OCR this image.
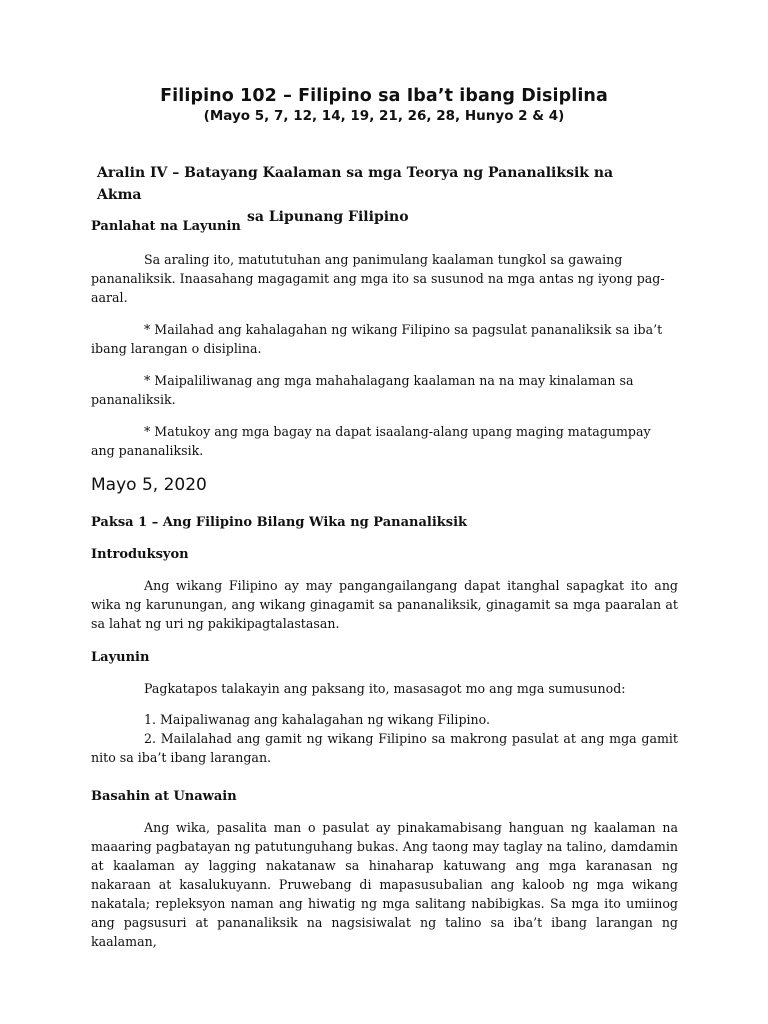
Filipino 102 – Filipino sa Iba’t ibang Disiplina
(Mayo 5, 7, 12, 14, 19, 21, 26, 28, Hunyo 2 & 4)
Aralin IV – Batayang Kaalaman sa mga Teorya ng Pananaliksik na Akma
sa Lipunang Filipino
Panlahat na Layunin
Sa araling ito, matututuhan ang panimulang kaalaman tungkol sa gawaing pananaliksik. Inaasahang magagamit ang mga ito sa susunod na mga antas ng iyong pag-aaral.
* Mailahad ang kahalagahan ng wikang Filipino sa pagsulat pananaliksik sa iba’t ibang larangan o disiplina.
* Maipaliliwanag ang mga mahahalagang kaalaman na na may kinalaman sa pananaliksik.
* Matukoy ang mga bagay na dapat isaalang-alang upang maging matagumpay ang pananaliksik.
Mayo 5, 2020
Paksa 1 – Ang Filipino Bilang Wika ng Pananaliksik
Introduksyon
Ang wikang Filipino ay may pangangailangang dapat itanghal sapagkat ito ang wika ng karunungan, ang wikang ginagamit sa pananaliksik, ginagamit sa mga paaralan at sa lahat ng uri ng pakikipagtalastasan.
Layunin
Pagkatapos talakayin ang paksang ito, masasagot mo ang mga sumusunod:
1. Maipaliwanag ang kahalagahan ng wikang Filipino.
2. Mailalahad ang gamit ng wikang Filipino sa makrong pasulat at ang mga gamit nito sa iba’t ibang larangan.
Basahin at Unawain
Ang wika, pasalita man o pasulat ay pinakamabisang hanguan ng kaalaman na maaaring pagbatayan ng patutunguhang bukas. Ang taong may taglay na talino, damdamin at kaalaman ay lagging nakatanaw sa hinaharap katuwang ang mga karanasan ng nakaraan at kasalukuyann. Pruwebang di mapasusubalian ang kaloob ng mga wikang nakatala; repleksyon naman ang hiwatig ng mga salitang nabibigkas. Sa mga ito umiinog ang pagsusuri at pananaliksik na nagsisiwalat ng talino sa iba’t ibang larangan ng kaalaman,
